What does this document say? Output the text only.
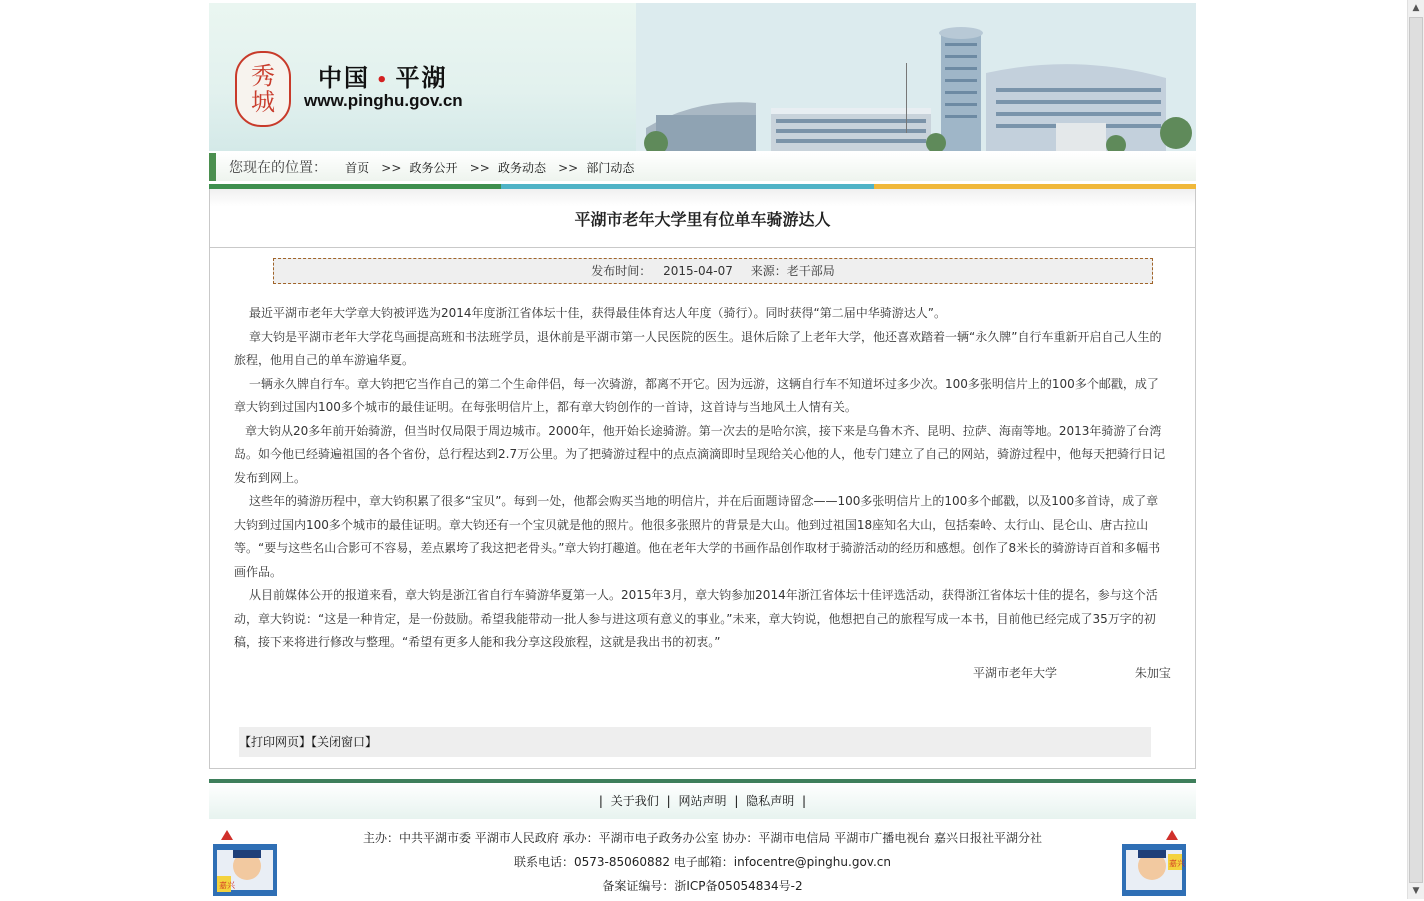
秀
城
中国 • 平湖
www.pinghu.gov.cn
您现在的位置： 首页 >> 政务公开 >> 政务动态 >> 部门动态
平湖市老年大学里有位单车骑游达人
发布时间： 2015-04-07 来源：老干部局

最近平湖市老年大学章大钧被评选为2014年度浙江省体坛十佳，获得最佳体育达人年度（骑行）。同时获得“第二届中华骑游达人”。

章大钧是平湖市老年大学花鸟画提高班和书法班学员，退休前是平湖市第一人民医院的医生。退休后除了上老年大学，他还喜欢踏着一辆“永久牌”自行车重新开启自己人生的旅程，他用自己的单车游遍华夏。

一辆永久牌自行车。章大钧把它当作自己的第二个生命伴侣，每一次骑游，都离不开它。因为远游，这辆自行车不知道坏过多少次。100多张明信片上的100多个邮戳，成了章大钧到过国内100多个城市的最佳证明。在每张明信片上，都有章大钧创作的一首诗，这首诗与当地风土人情有关。

章大钧从20多年前开始骑游，但当时仅局限于周边城市。2000年，他开始长途骑游。第一次去的是哈尔滨，接下来是乌鲁木齐、昆明、拉萨、海南等地。2013年骑游了台湾岛。如今他已经骑遍祖国的各个省份，总行程达到2.7万公里。为了把骑游过程中的点点滴滴即时呈现给关心他的人，他专门建立了自己的网站，骑游过程中，他每天把骑行日记发布到网上。

这些年的骑游历程中，章大钧积累了很多“宝贝”。每到一处，他都会购买当地的明信片，并在后面题诗留念——100多张明信片上的100多个邮戳，以及100多首诗，成了章大钧到过国内100多个城市的最佳证明。章大钧还有一个宝贝就是他的照片。他很多张照片的背景是大山。他到过祖国18座知名大山，包括秦岭、太行山、昆仑山、唐古拉山等。“要与这些名山合影可不容易，差点累垮了我这把老骨头。”章大钧打趣道。他在老年大学的书画作品创作取材于骑游活动的经历和感想。创作了8米长的骑游诗百首和多幅书画作品。

从目前媒体公开的报道来看，章大钧是浙江省自行车骑游华夏第一人。2015年3月，章大钧参加2014年浙江省体坛十佳评选活动，获得浙江省体坛十佳的提名，参与这个活动，章大钧说：“这是一种肯定，是一份鼓励。希望我能带动一批人参与进这项有意义的事业。”未来，章大钧说，他想把自己的旅程写成一本书，目前他已经完成了35万字的初稿，接下来将进行修改与整理。“希望有更多人能和我分享这段旅程，这就是我出书的初衷。”

平湖市老年大学	朱加宝
【打印网页】【关闭窗口】
| 关于我们 | 网站声明 | 隐私声明 |
主办：中共平湖市委 平湖市人民政府 承办：平湖市电子政务办公室 协办：平湖市电信局 平湖市广播电视台 嘉兴日报社平湖分社
联系电话：0573-85060882 电子邮箱：infocentre@pinghu.gov.cn
备案证编号：浙ICP备05054834号-2
嘉兴
嘉兴
▲
▼
